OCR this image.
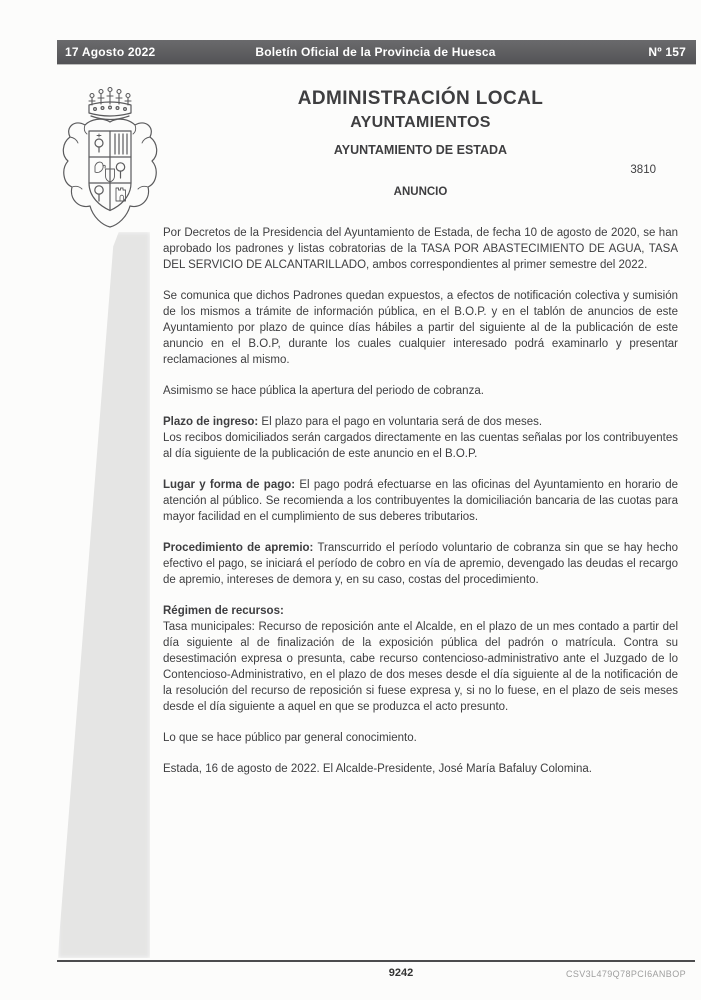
17 Agosto 2022	Boletín Oficial de la Provincia de Huesca	Nº 157
ADMINISTRACIÓN LOCAL
AYUNTAMIENTOS
AYUNTAMIENTO DE ESTADA
3810
ANUNCIO

Por Decretos de la Presidencia del Ayuntamiento de Estada, de fecha 10 de agosto de 2020, se han aprobado los padrones y listas cobratorias de la TASA POR ABASTECIMIENTO DE AGUA, TASA DEL SERVICIO DE ALCANTARILLADO, ambos correspondientes al primer semestre del 2022.

Se comunica que dichos Padrones quedan expuestos, a efectos de notificación colectiva y sumisión de los mismos a trámite de información pública, en el B.O.P. y en el tablón de anuncios de este Ayuntamiento por plazo de quince días hábiles a partir del siguiente al de la publicación de este anuncio en el B.O.P, durante los cuales cualquier interesado podrá examinarlo y presentar reclamaciones al mismo.

Asimismo se hace pública la apertura del periodo de cobranza.

Plazo de ingreso: El plazo para el pago en voluntaria será de dos meses.
Los recibos domiciliados serán cargados directamente en las cuentas señalas por los contribuyentes al día siguiente de la publicación de este anuncio en el B.O.P.

Lugar y forma de pago: El pago podrá efectuarse en las oficinas del Ayuntamiento en horario de atención al público. Se recomienda a los contribuyentes la domiciliación bancaria de las cuotas para mayor facilidad en el cumplimiento de sus deberes tributarios.

Procedimiento de apremio: Transcurrido el período voluntario de cobranza sin que se hay hecho efectivo el pago, se iniciará el período de cobro en vía de apremio, devengado las deudas el recargo de apremio, intereses de demora y, en su caso, costas del procedimiento.

Régimen de recursos:
Tasa municipales: Recurso de reposición ante el Alcalde, en el plazo de un mes contado a partir del día siguiente al de finalización de la exposición pública del padrón o matrícula. Contra su desestimación expresa o presunta, cabe recurso contencioso-administrativo ante el Juzgado de lo Contencioso-Administrativo, en el plazo de dos meses desde el día siguiente al de la notificación de la resolución del recurso de reposición si fuese expresa y, si no lo fuese, en el plazo de seis meses desde el día siguiente a aquel en que se produzca el acto presunto.

Lo que se hace público par general conocimiento.

Estada, 16 de agosto de 2022. El Alcalde-Presidente, José María Bafaluy Colomina.

9242	CSV3L479Q78PCI6ANBOP
